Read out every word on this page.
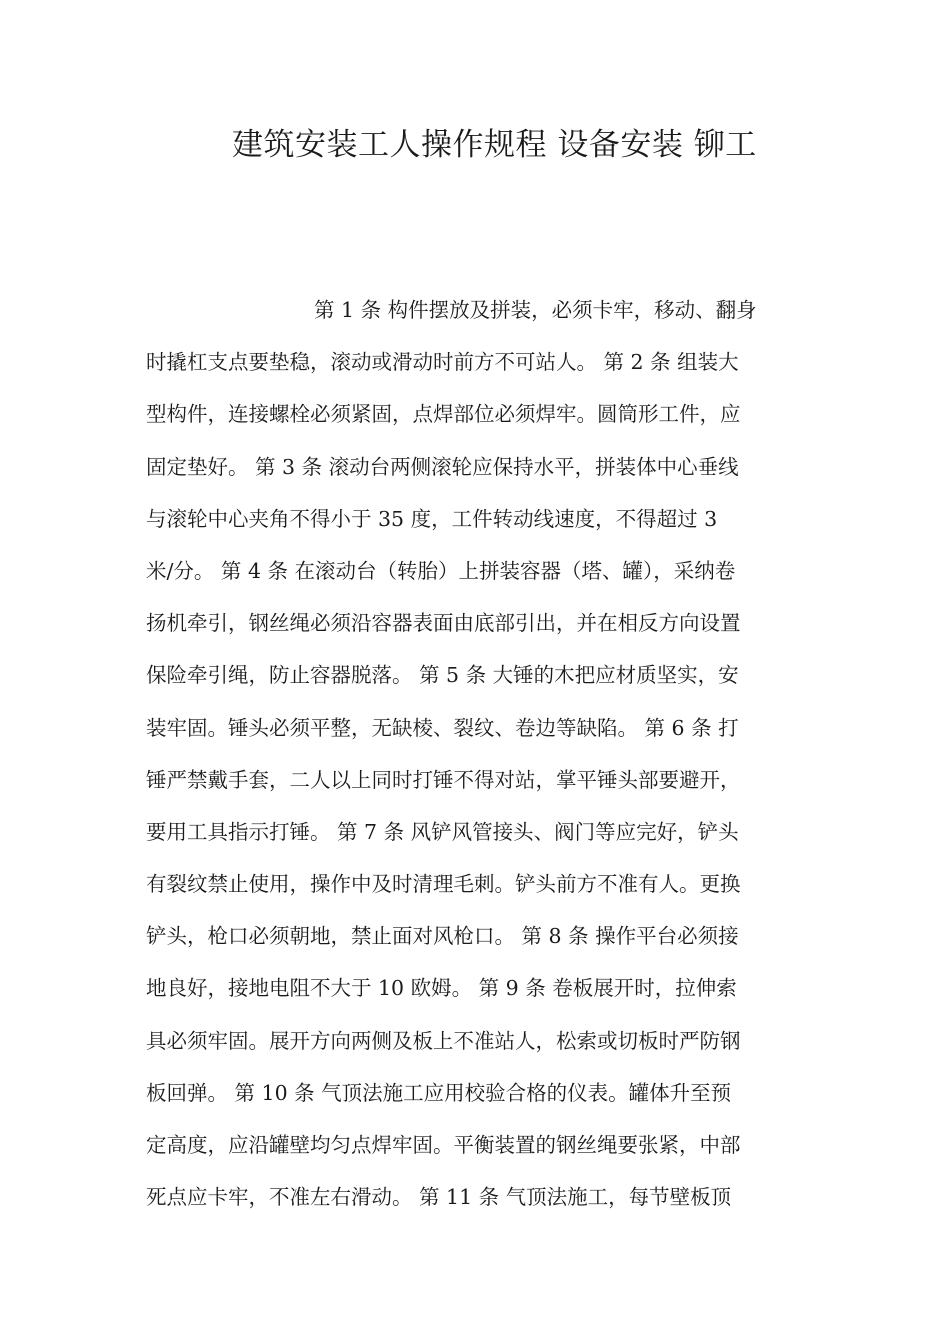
建筑安装工人操作规程 设备安装 铆工
第 1 条 构件摆放及拼装，必须卡牢，移动、翻身
时撬杠支点要垫稳，滚动或滑动时前方不可站人。 第 2 条 组装大
型构件，连接螺栓必须紧固，点焊部位必须焊牢。圆筒形工件，应
固定垫好。 第 3 条 滚动台两侧滚轮应保持水平，拼装体中心垂线
与滚轮中心夹角不得小于 35 度，工件转动线速度，不得超过 3
米/分。 第 4 条 在滚动台（转胎）上拼装容器（塔、罐），采纳卷
扬机牵引，钢丝绳必须沿容器表面由底部引出，并在相反方向设置
保险牵引绳，防止容器脱落。 第 5 条 大锤的木把应材质坚实，安
装牢固。锤头必须平整，无缺棱、裂纹、卷边等缺陷。 第 6 条 打
锤严禁戴手套，二人以上同时打锤不得对站，掌平锤头部要避开，
要用工具指示打锤。 第 7 条 风铲风管接头、阀门等应完好，铲头
有裂纹禁止使用，操作中及时清理毛刺。铲头前方不准有人。更换
铲头，枪口必须朝地，禁止面对风枪口。 第 8 条 操作平台必须接
地良好，接地电阻不大于 10 欧姆。 第 9 条 卷板展开时，拉伸索
具必须牢固。展开方向两侧及板上不准站人，松索或切板时严防钢
板回弹。 第 10 条 气顶法施工应用校验合格的仪表。罐体升至预
定高度，应沿罐壁均匀点焊牢固。平衡装置的钢丝绳要张紧，中部
死点应卡牢，不准左右滑动。 第 11 条 气顶法施工，每节壁板顶
